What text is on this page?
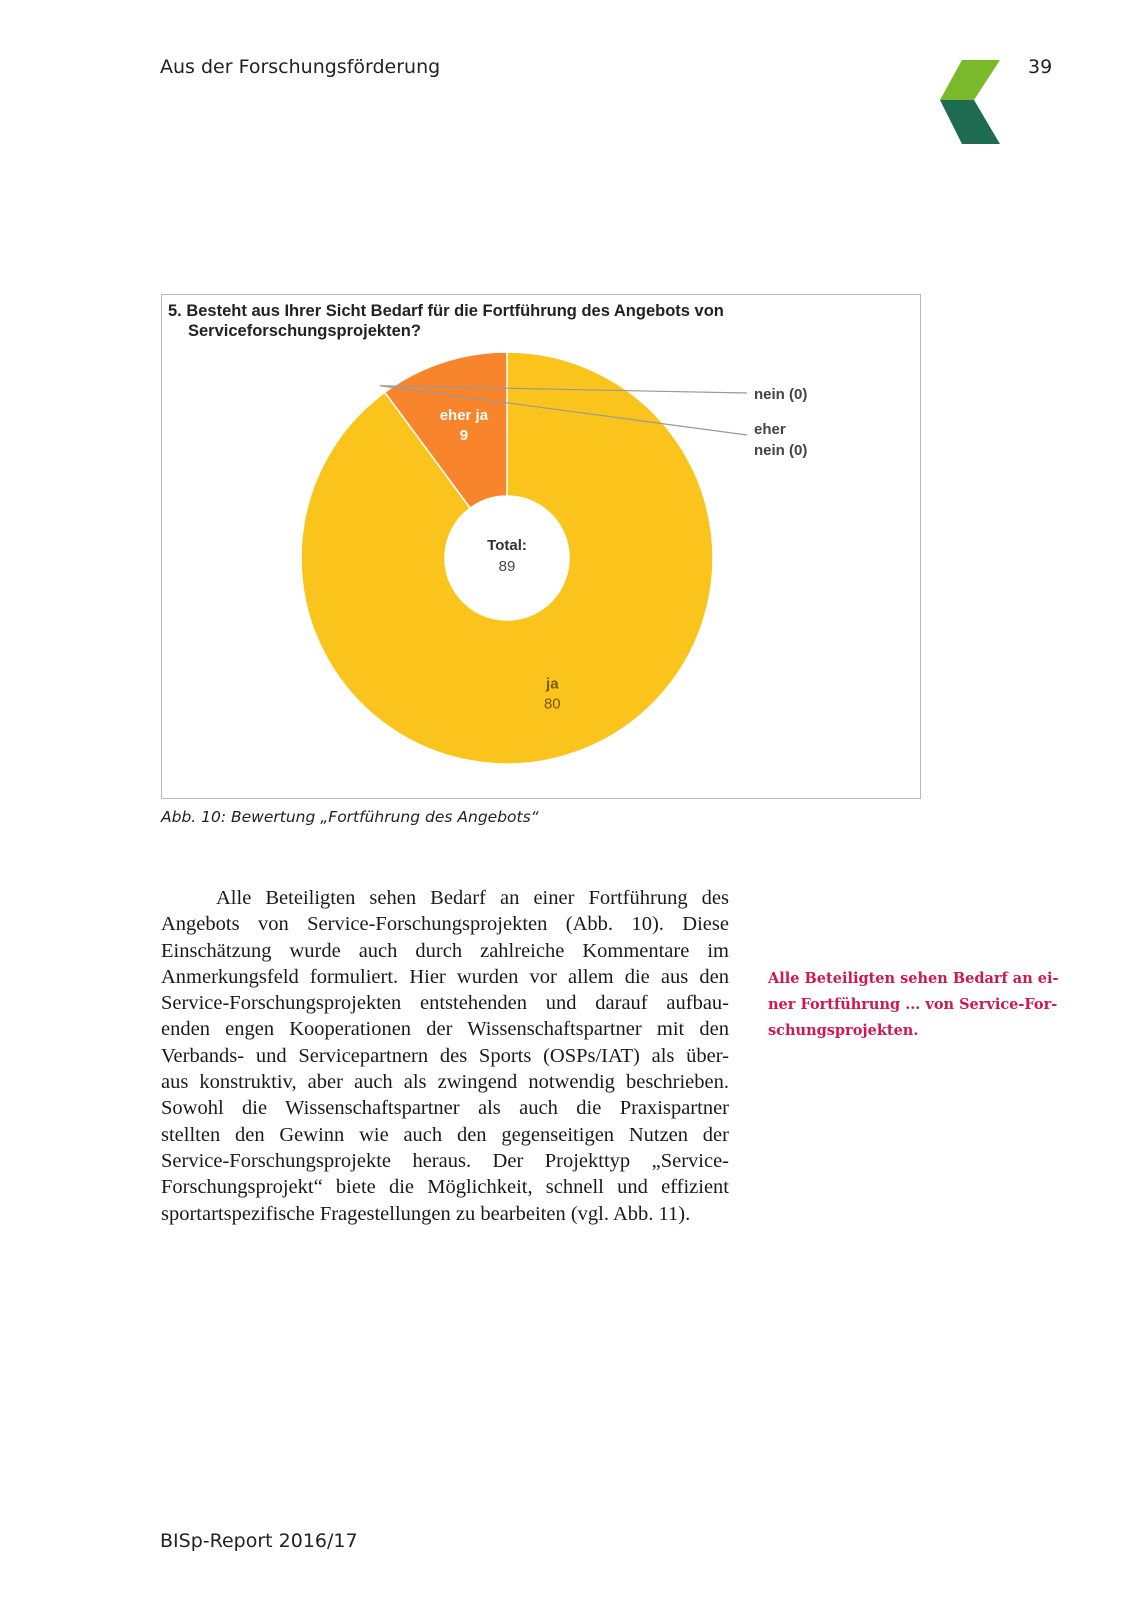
Aus der Forschungsförderung	39
5. Besteht aus Ihrer Sicht Bedarf für die Fortführung des Angebots von
Serviceforschungsprojekten?
Total:
89
ja
80
eher ja
9
nein (0)
eher
nein (0)
Abb. 10: Bewertung „Fortführung des Angebots“
Alle Beteiligten sehen Bedarf an einer Fortführung des
Angebots von Service-Forschungsprojekten (Abb. 10). Diese
Einschätzung wurde auch durch zahlreiche Kommentare im
Anmerkungsfeld formuliert. Hier wurden vor allem die aus den
Service-Forschungsprojekten entstehenden und darauf aufbau-
enden engen Kooperationen der Wissenschaftspartner mit den
Verbands- und Servicepartnern des Sports (OSPs/IAT) als über-
aus konstruktiv, aber auch als zwingend notwendig beschrieben.
Sowohl die Wissenschaftspartner als auch die Praxispartner
stellten den Gewinn wie auch den gegenseitigen Nutzen der
Service-Forschungsprojekte heraus. Der Projekttyp „Service-
Forschungsprojekt“ biete die Möglichkeit, schnell und effizient
sportartspezifische Fragestellungen zu bearbeiten (vgl. Abb. 11).
Alle Beteiligten sehen Bedarf an ei-
ner Fortführung ... von Service-For-
schungsprojekten.
BISp-Report 2016/17
